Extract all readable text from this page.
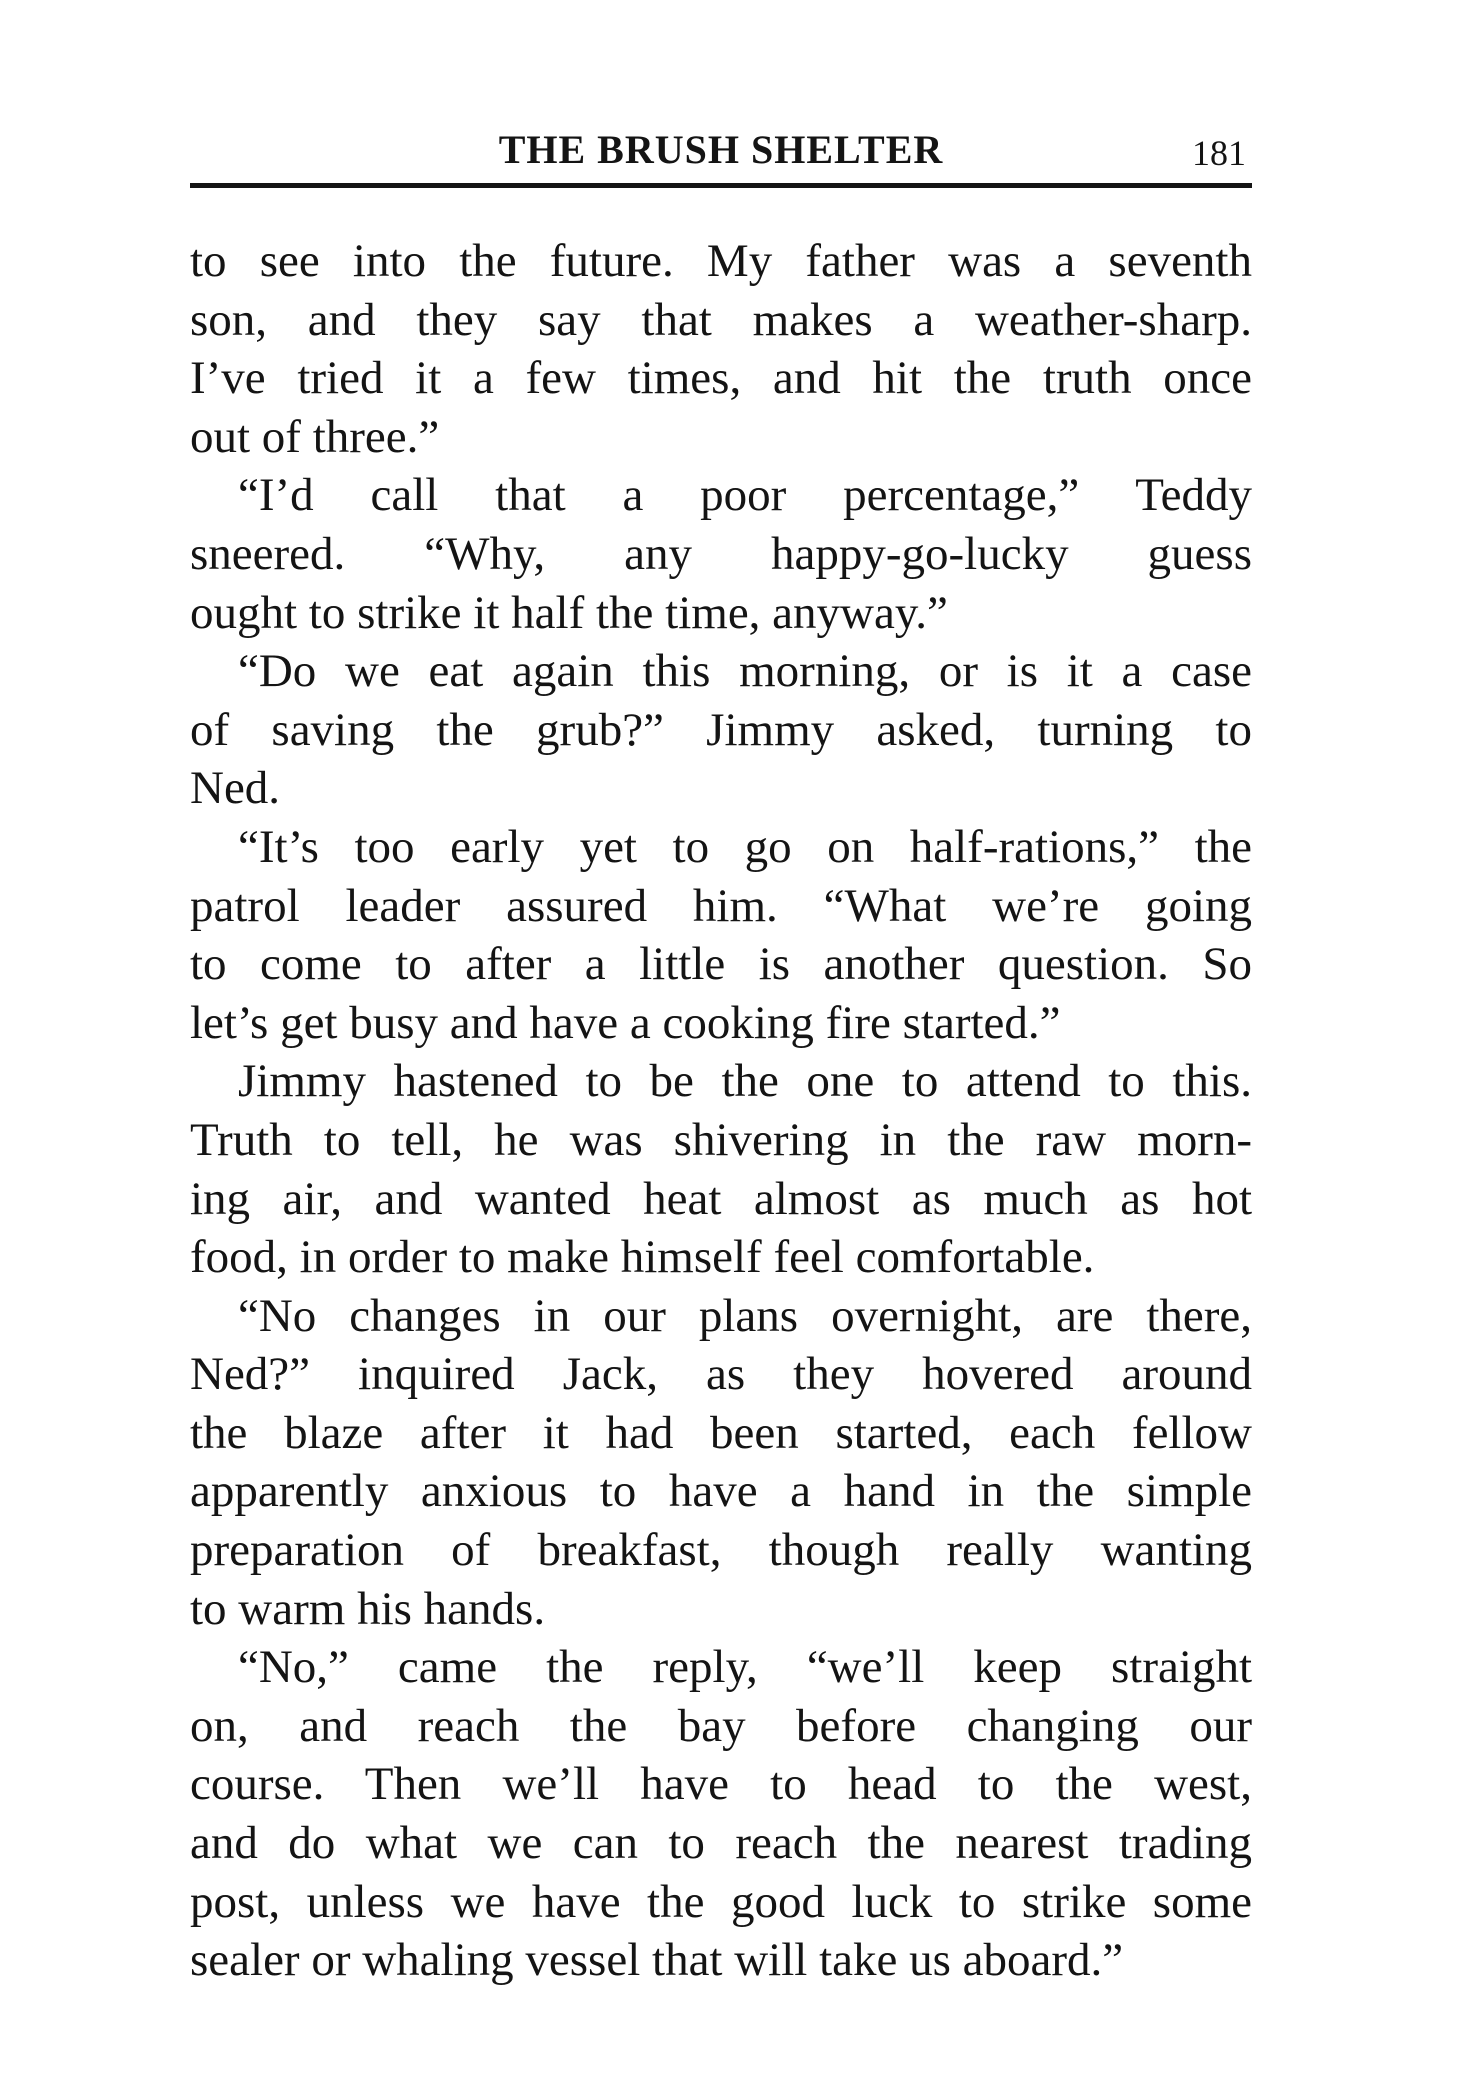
THE BRUSH SHELTER	181
to see into the future. My father was a seventh
son, and they say that makes a weather-sharp.
I’ve tried it a few times, and hit the truth once
out of three.”
“I’d call that a poor percentage,” Teddy
sneered. “Why, any happy-go-lucky guess
ought to strike it half the time, anyway.”
“Do we eat again this morning, or is it a case
of saving the grub?” Jimmy asked, turning to
Ned.
“It’s too early yet to go on half-rations,” the
patrol leader assured him. “What we’re going
to come to after a little is another question. So
let’s get busy and have a cooking fire started.”
Jimmy hastened to be the one to attend to this.
Truth to tell, he was shivering in the raw morn-
ing air, and wanted heat almost as much as hot
food, in order to make himself feel comfortable.
“No changes in our plans overnight, are there,
Ned?” inquired Jack, as they hovered around
the blaze after it had been started, each fellow
apparently anxious to have a hand in the simple
preparation of breakfast, though really wanting
to warm his hands.
“No,” came the reply, “we’ll keep straight
on, and reach the bay before changing our
course. Then we’ll have to head to the west,
and do what we can to reach the nearest trading
post, unless we have the good luck to strike some
sealer or whaling vessel that will take us aboard.”
